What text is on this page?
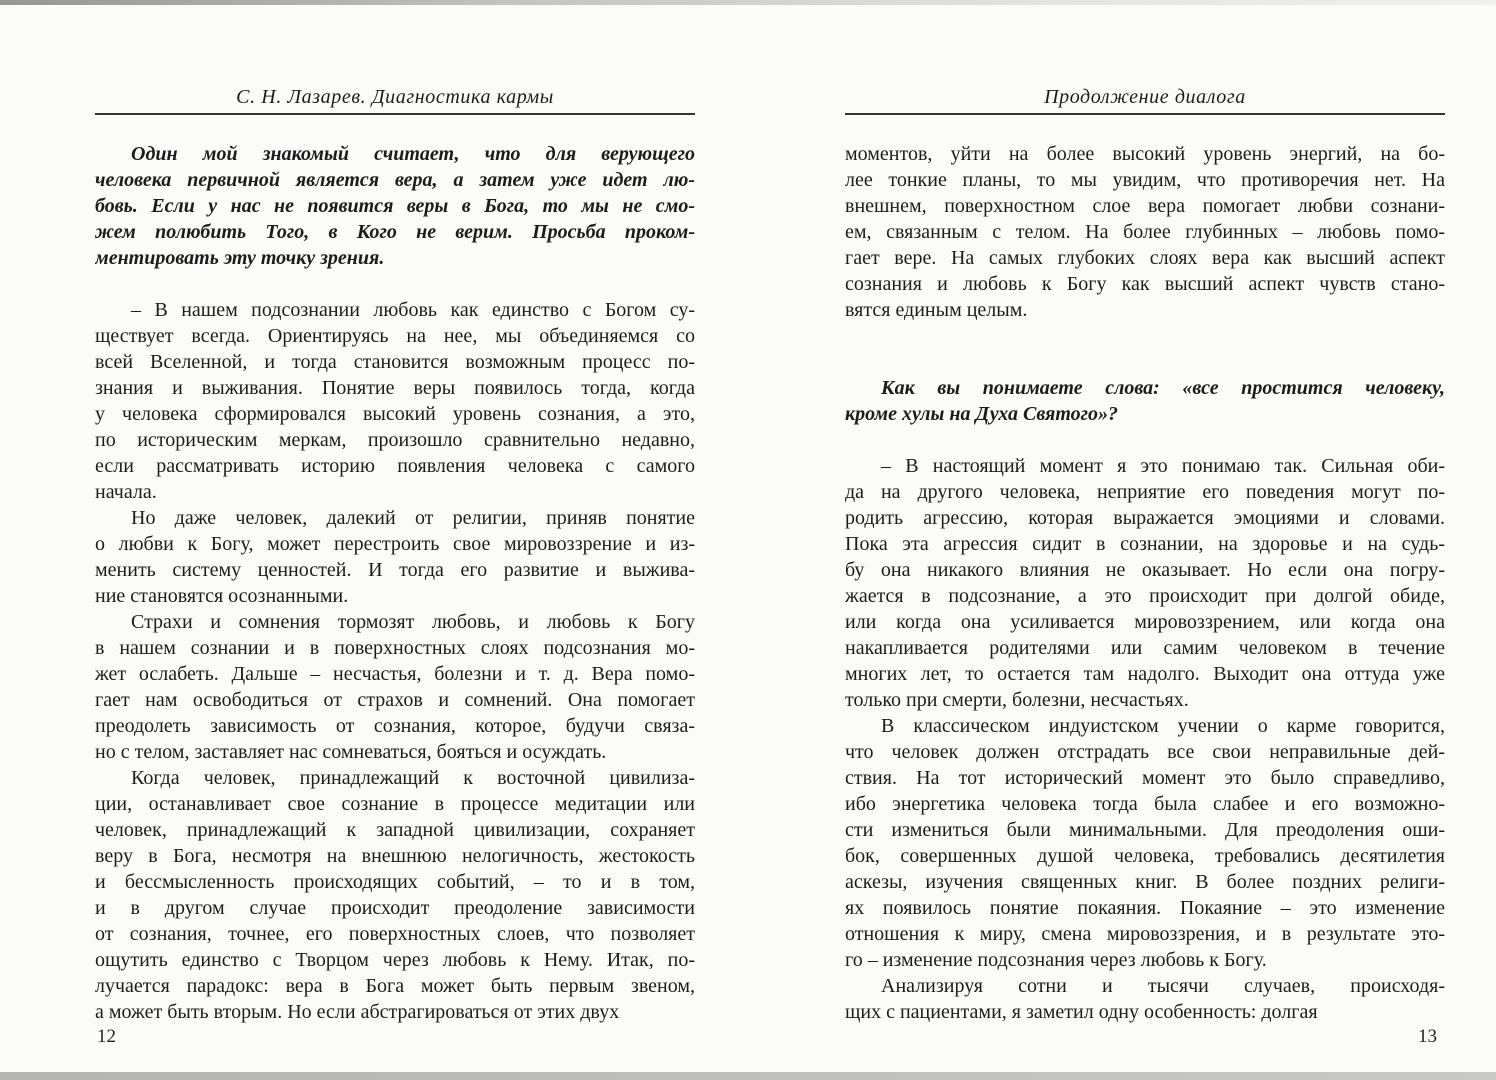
С. Н. Лазарев. Диагностика кармы
Один мой знакомый считает, что для верующего
человека первичной является вера, а затем уже идет лю-
бовь. Если у нас не появится веры в Бога, то мы не смо-
жем полюбить Того, в Кого не верим. Просьба проком-
ментировать эту точку зрения.
– В нашем подсознании любовь как единство с Богом су-
ществует всегда. Ориентируясь на нее, мы объединяемся со
всей Вселенной, и тогда становится возможным процесс по-
знания и выживания. Понятие веры появилось тогда, когда
у человека сформировался высокий уровень сознания, а это,
по историческим меркам, произошло сравнительно недавно,
если рассматривать историю появления человека с самого
начала.
Но даже человек, далекий от религии, приняв понятие
о любви к Богу, может перестроить свое мировоззрение и из-
менить систему ценностей. И тогда его развитие и выжива-
ние становятся осознанными.
Страхи и сомнения тормозят любовь, и любовь к Богу
в нашем сознании и в поверхностных слоях подсознания мо-
жет ослабеть. Дальше – несчастья, болезни и т. д. Вера помо-
гает нам освободиться от страхов и сомнений. Она помогает
преодолеть зависимость от сознания, которое, будучи связа-
но с телом, заставляет нас сомневаться, бояться и осуждать.
Когда человек, принадлежащий к восточной цивилиза-
ции, останавливает свое сознание в процессе медитации или
человек, принадлежащий к западной цивилизации, сохраняет
веру в Бога, несмотря на внешнюю нелогичность, жестокость
и бессмысленность происходящих событий, – то и в том,
и в другом случае происходит преодоление зависимости
от сознания, точнее, его поверхностных слоев, что позволяет
ощутить единство с Творцом через любовь к Нему. Итак, по-
лучается парадокс: вера в Бога может быть первым звеном,
а может быть вторым. Но если абстрагироваться от этих двух
12
Продолжение диалога
моментов, уйти на более высокий уровень энергий, на бо-
лее тонкие планы, то мы увидим, что противоречия нет. На
внешнем, поверхностном слое вера помогает любви сознани-
ем, связанным с телом. На более глубинных – любовь помо-
гает вере. На самых глубоких слоях вера как высший аспект
сознания и любовь к Богу как высший аспект чувств стано-
вятся единым целым.
Как вы понимаете слова: «все простится человеку,
кроме хулы на Духа Святого»?
– В настоящий момент я это понимаю так. Сильная оби-
да на другого человека, неприятие его поведения могут по-
родить агрессию, которая выражается эмоциями и словами.
Пока эта агрессия сидит в сознании, на здоровье и на судь-
бу она никакого влияния не оказывает. Но если она погру-
жается в подсознание, а это происходит при долгой обиде,
или когда она усиливается мировоззрением, или когда она
накапливается родителями или самим человеком в течение
многих лет, то остается там надолго. Выходит она оттуда уже
только при смерти, болезни, несчастьях.
В классическом индуистском учении о карме говорится,
что человек должен отстрадать все свои неправильные дей-
ствия. На тот исторический момент это было справедливо,
ибо энергетика человека тогда была слабее и его возможно-
сти измениться были минимальными. Для преодоления оши-
бок, совершенных душой человека, требовались десятилетия
аскезы, изучения священных книг. В более поздних религи-
ях появилось понятие покаяния. Покаяние – это изменение
отношения к миру, смена мировоззрения, и в результате это-
го – изменение подсознания через любовь к Богу.
Анализируя сотни и тысячи случаев, происходя-
щих с пациентами, я заметил одну особенность: долгая
13
